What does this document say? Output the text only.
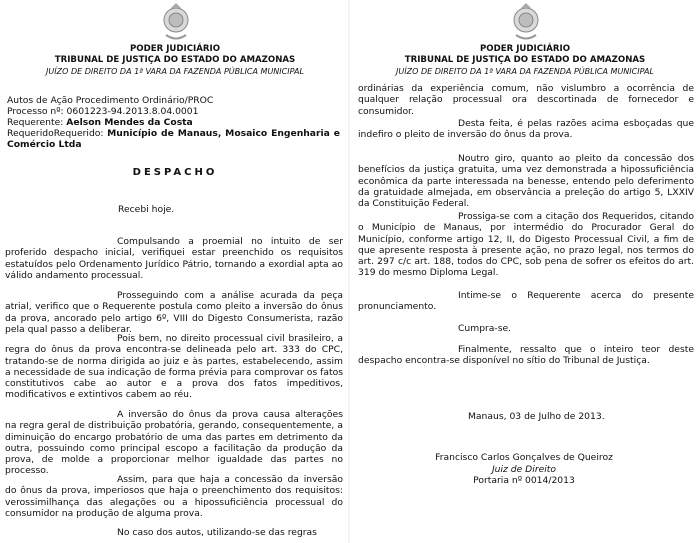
PODER JUDICIÁRIO
TRIBUNAL DE JUSTIÇA DO ESTADO DO AMAZONAS
JUÍZO DE DIREITO DA 1ª VARA DA FAZENDA PÚBLICA MUNICIPAL
Autos de Ação Procedimento Ordinário/PROC
Processo nº: 0601223-94.2013.8.04.0001
Requerente: Aelson Mendes da Costa
RequeridoRequerido: Município de Manaus, Mosaico Engenharia e Comércio Ltda
DESPACHO
Recebi hoje.
Compulsando a proemial no intuito de ser proferido despacho inicial, verifiquei estar preenchido os requisitos estatuídos pelo Ordenamento Jurídico Pátrio, tornando a exordial apta ao válido andamento processual.
Prosseguindo com a análise acurada da peça atrial, verifico que o Requerente postula como pleito a inversão do ônus da prova, ancorado pelo artigo 6º, VIII do Digesto Consumerista, razão pela qual passo a deliberar.
Pois bem, no direito processual civil brasileiro, a regra do ônus da prova encontra-se delineada pelo art. 333 do CPC, tratando-se de norma dirigida ao juiz e às partes, estabelecendo, assim a necessidade de sua indicação de forma prévia para comprovar os fatos constitutivos cabe ao autor e a prova dos fatos impeditivos, modificativos e extintivos cabem ao réu.
A inversão do ônus da prova causa alterações na regra geral de distribuição probatória, gerando, consequentemente, a diminuição do encargo probatório de uma das partes em detrimento da outra, possuindo como principal escopo a facilitação da produção da prova, de molde a proporcionar melhor igualdade das partes no processo.
Assim, para que haja a concessão da inversão do ônus da prova, imperiosos que haja o preenchimento dos requisitos: verossimilhança das alegações ou a hipossuficiência processual do consumidor na produção de alguma prova.
No caso dos autos, utilizando-se das regras
PODER JUDICIÁRIO
TRIBUNAL DE JUSTIÇA DO ESTADO DO AMAZONAS
JUÍZO DE DIREITO DA 1ª VARA DA FAZENDA PÚBLICA MUNICIPAL
ordinárias da experiência comum, não vislumbro a ocorrência de qualquer relação processual ora descortinada de fornecedor e consumidor.
Desta feita, é pelas razões acima esboçadas que indefiro o pleito de inversão do ônus da prova.
Noutro giro, quanto ao pleito da concessão dos benefícios da justiça gratuita, uma vez demonstrada a hipossuficiência econômica da parte interessada na benesse, entendo pelo deferimento da gratuidade almejada, em observância a preleção do artigo 5, LXXIV da Constituição Federal.
Prossiga-se com a citação dos Requeridos, citando o Município de Manaus, por intermédio do Procurador Geral do Município, conforme artigo 12, II, do Digesto Processual Civil, a fim de que apresente resposta à presente ação, no prazo legal, nos termos do art. 297 c/c art. 188, todos do CPC, sob pena de sofrer os efeitos do art. 319 do mesmo Diploma Legal.
Intime-se o Requerente acerca do presente pronunciamento.
Cumpra-se.
Finalmente, ressalto que o inteiro teor deste despacho encontra-se disponível no sítio do Tribunal de Justiça.
Manaus, 03 de Julho de 2013.
Francisco Carlos Gonçalves de Queiroz
Juiz de Direito
Portaria nº 0014/2013
